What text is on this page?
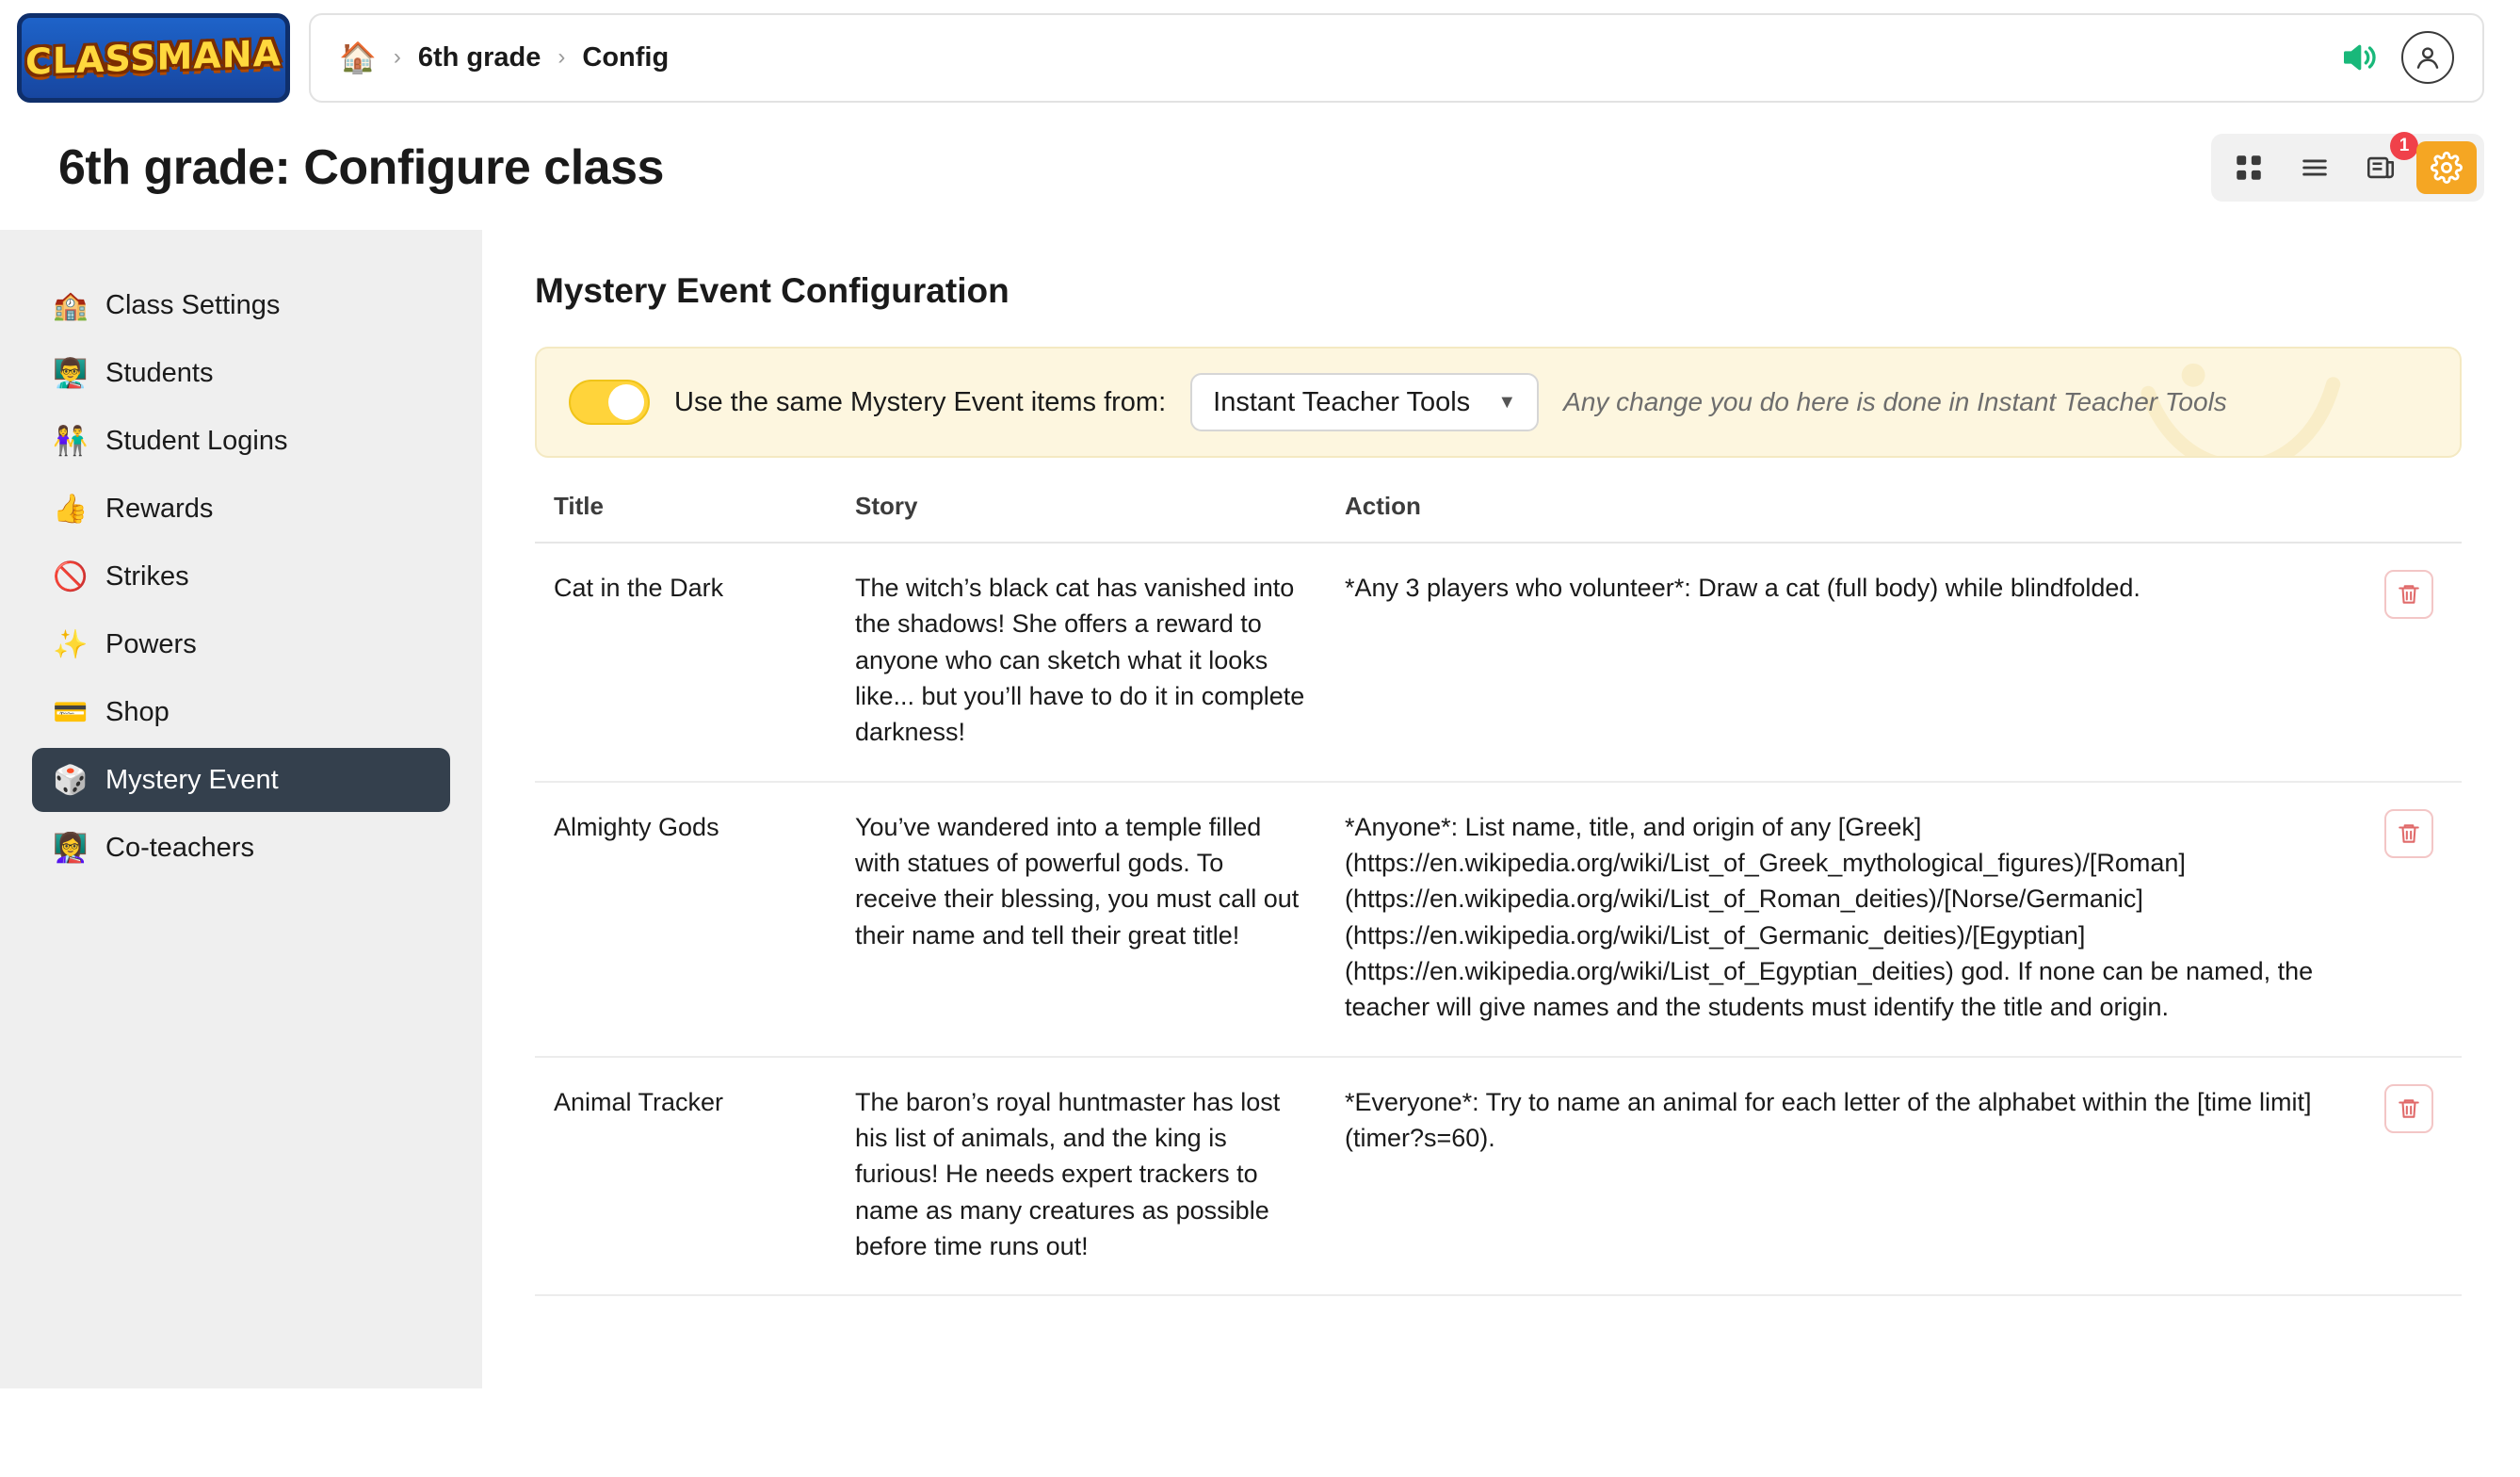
CLASSMANA 🏠 › 6th grade › Config
6th grade: Configure class	1
🏫 Class Settings
👨‍🏫 Students
👫 Student Logins
👍 Rewards
🚫 Strikes
✨ Powers
💳 Shop
🎲 Mystery Event
👩‍🏫 Co-teachers
Mystery Event Configuration
Use the same Mystery Event items from: Instant Teacher Tools ▼ Any change you do here is done in Instant Teacher Tools
Title	Story	Action	
Cat in the Dark	The witch’s black cat has vanished into the shadows! She offers a reward to anyone who can sketch what it looks like... but you’ll have to do it in complete darkness!	*Any 3 players who volunteer*: Draw a cat (full body) while blindfolded.	

Almighty Gods	You’ve wandered into a temple filled with statues of powerful gods. To receive their blessing, you must call out their name and tell their great title!	*Anyone*: List name, title, and origin of any [Greek](https://en.wikipedia.org/wiki/List_of_Greek_mythological_figures)/[Roman](https://en.wikipedia.org/wiki/List_of_Roman_deities)/[Norse/Germanic](https://en.wikipedia.org/wiki/List_of_Germanic_deities)/[Egyptian](https://en.wikipedia.org/wiki/List_of_Egyptian_deities) god. If none can be named, the teacher will give names and the students must identify the title and origin.	

Animal Tracker	The baron’s royal huntmaster has lost his list of animals, and the king is furious! He needs expert trackers to name as many creatures as possible before time runs out!	*Everyone*: Try to name an animal for each letter of the alphabet within the [time limit](timer?s=60).	
